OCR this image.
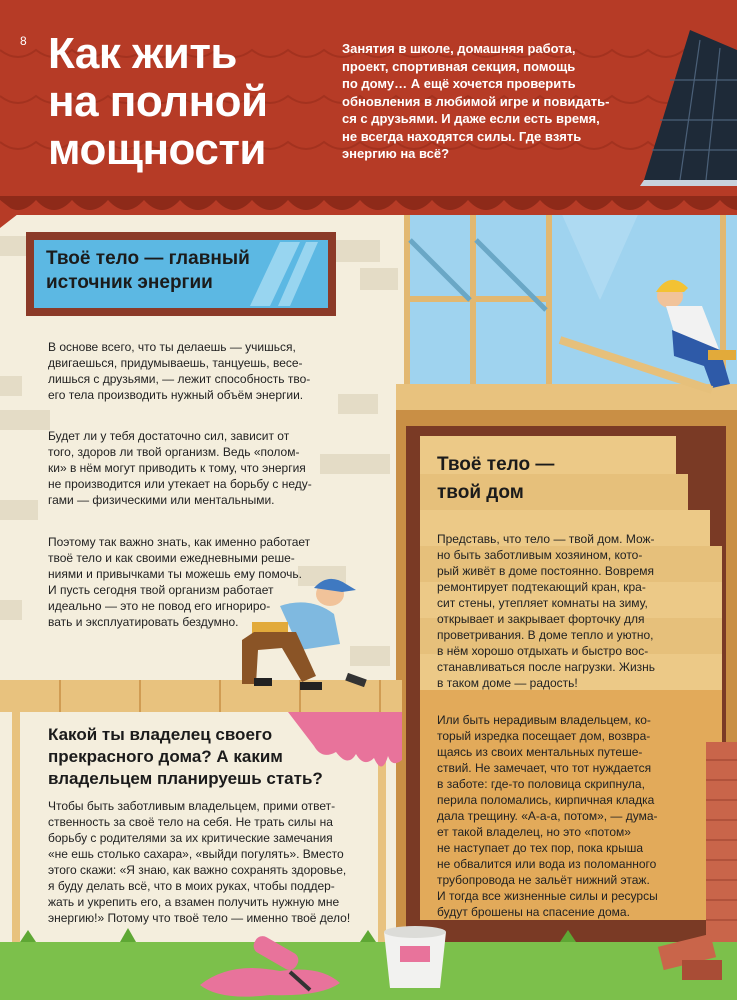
8 Как жить
на полной
мощности
Занятия в школе, домашняя работа,
проект, спортивная секция, помощь
по дому… А ещё хочется проверить
обновления в любимой игре и повидать-
ся с друзьями. И даже если есть время,
не всегда находятся силы. Где взять
энергию на всё?
Твоё тело — главный
источник энергии
В основе всего, что ты делаешь — учишься,
двигаешься, придумываешь, танцуешь, весе-
лишься с друзьями, — лежит способность тво-
его тела производить нужный объём энергии.
Будет ли у тебя достаточно сил, зависит от
того, здоров ли твой организм. Ведь «полом-
ки» в нём могут приводить к тому, что энергия
не производится или утекает на борьбу с неду-
гами — физическими или ментальными.
Поэтому так важно знать, как именно работает
твоё тело и как своими ежедневными реше-
ниями и привычками ты можешь ему помочь.
И пусть сегодня твой организм работает
идеально — это не повод его игнориро-
вать и эксплуатировать бездумно.
Твоё тело —
твой дом
Представь, что тело — твой дом. Мож-
но быть заботливым хозяином, кото-
рый живёт в доме постоянно. Вовремя
ремонтирует подтекающий кран, кра-
сит стены, утепляет комнаты на зиму,
открывает и закрывает форточку для
проветривания. В доме тепло и уютно,
в нём хорошо отдыхать и быстро вос-
станавливаться после нагрузки. Жизнь
в таком доме — радость!
Или быть нерадивым владельцем, ко-
торый изредка посещает дом, возвра-
щаясь из своих ментальных путеше-
ствий. Не замечает, что тот нуждается
в заботе: где-то половица скрипнула,
перила поломались, кирпичная кладка
дала трещину. «А-а-а, потом», — дума-
ет такой владелец, но это «потом»
не наступает до тех пор, пока крыша
не обвалится или вода из поломанного
трубопровода не зальёт нижний этаж.
И тогда все жизненные силы и ресурсы
будут брошены на спасение дома.
Какой ты владелец своего
прекрасного дома? А каким
владельцем планируешь стать?
Чтобы быть заботливым владельцем, прими ответ-
ственность за своё тело на себя. Не трать силы на
борьбу с родителями за их критические замечания
«не ешь столько сахара», «выйди погулять». Вместо
этого скажи: «Я знаю, как важно сохранять здоровье,
я буду делать всё, что в моих руках, чтобы поддер-
жать и укрепить его, а взамен получить нужную мне
энергию!» Потому что твоё тело — именно твоё дело!
